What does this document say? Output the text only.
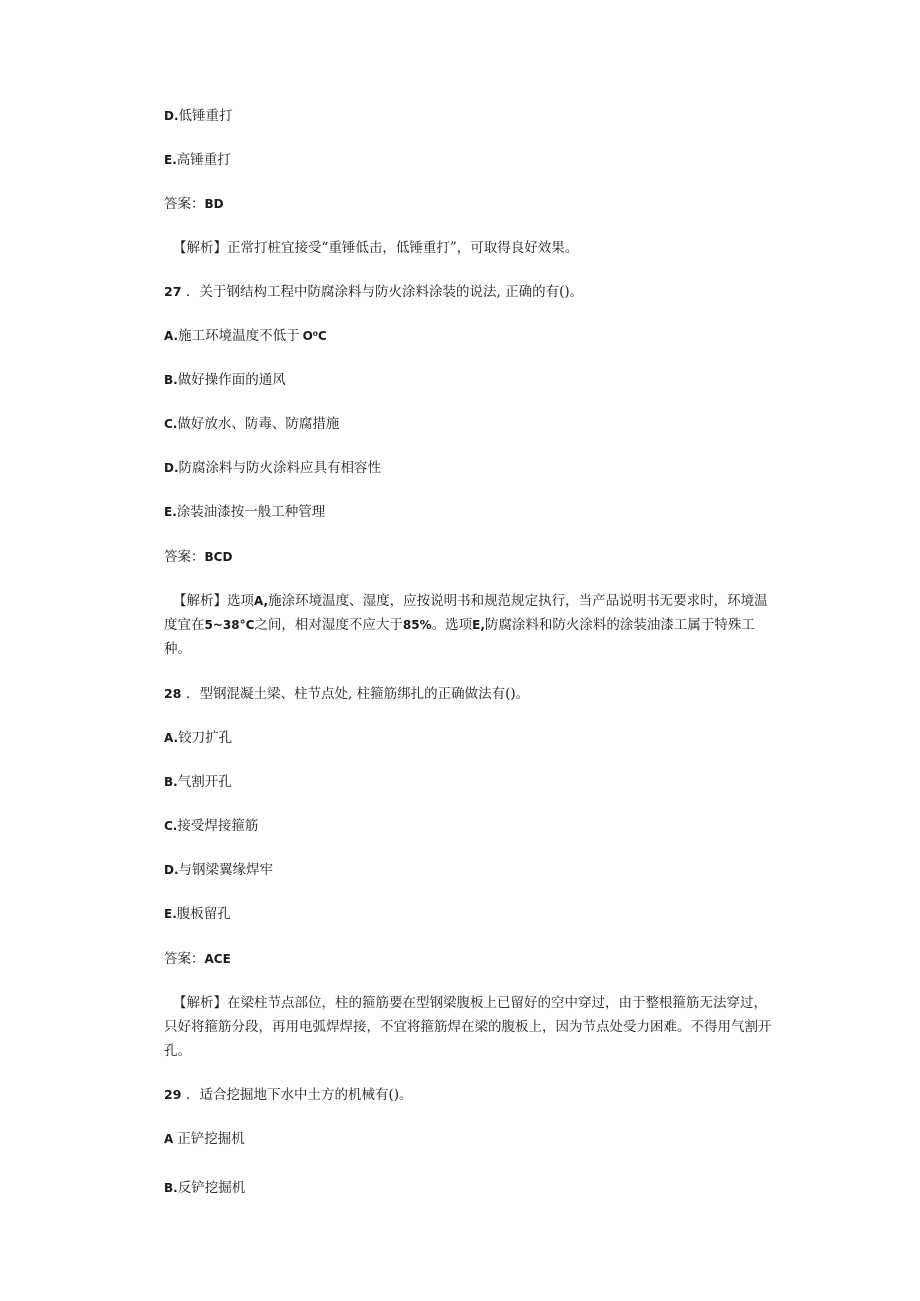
D.低锤重打
E.高锤重打
答案：BD
【解析】正常打桩宜接受“重锤低击，低锤重打”，可取得良好效果。
27 ．关于钢结构工程中防腐涂料与防火涂料涂装的说法, 正确的有()。
A.施工环境温度不低于 O⁰C
B.做好操作面的通风
C.做好放水、防毒、防腐措施
D.防腐涂料与防火涂料应具有相容性
E.涂装油漆按一般工种管理
答案：BCD
【解析】选项A,施涂环境温度、湿度，应按说明书和规范规定执行，当产品说明书无要求时，环境温度宜在5~38°C之间，相对湿度不应大于85%。选项E,防腐涂料和防火涂料的涂装油漆工属于特殊工种。
28 ．型钢混凝土梁、柱节点处, 柱箍筋绑扎的正确做法有()。
A.铰刀扩孔
B.气割开孔
C.接受焊接箍筋
D.与钢梁翼缘焊牢
E.腹板留孔
答案：ACE
【解析】在梁柱节点部位，柱的箍筋要在型钢梁腹板上已留好的空中穿过，由于整根箍筋无法穿过，只好将箍筋分段，再用电弧焊焊接，不宜将箍筋焊在梁的腹板上，因为节点处受力困难。不得用气割开孔。
29 ．适合挖掘地下水中土方的机械有()。
A 正铲挖掘机
B.反铲挖掘机
